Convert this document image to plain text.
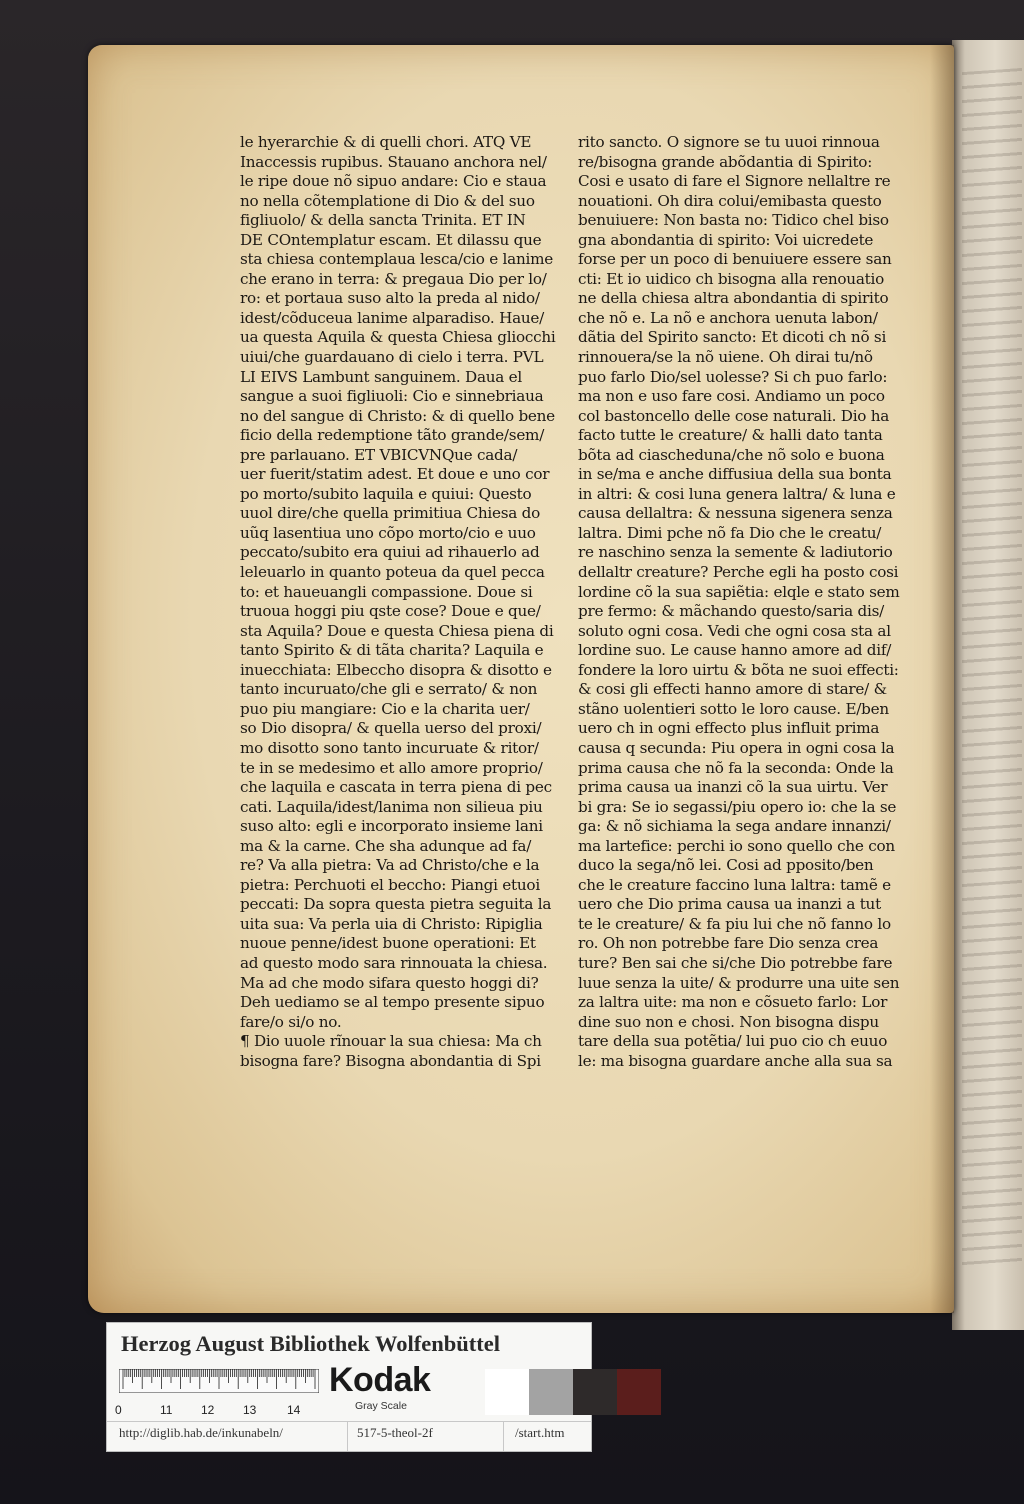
le hyerarchie & di quelli chori. ATQ VE
Inaccessis rupibus. Stauano anchora nel/
le ripe doue nõ sipuo andare: Cio e staua
no nella cõtemplatione di Dio & del suo
figliuolo/ & della sancta Trinita. ET IN
DE COntemplatur escam. Et dilassu que
sta chiesa contemplaua lesca/cio e lanime
che erano in terra: & pregaua Dio per lo/
ro: et portaua suso alto la preda al nido/
idest/cõduceua lanime alparadiso. Haue/
ua questa Aquila & questa Chiesa gliocchi
uiui/che guardauano di cielo i terra. PVL
LI EIVS Lambunt sanguinem. Daua el
sangue a suoi figliuoli: Cio e sinnebriaua
no del sangue di Christo: & di quello bene
ficio della redemptione tãto grande/sem/
pre parlauano. ET VBICVNQue cada/
uer fuerit/statim adest. Et doue e uno cor
po morto/subito laquila e quiui: Questo
uuol dire/che quella primitiua Chiesa do
uũq lasentiua uno cõpo morto/cio e uuo
peccato/subito era quiui ad rihauerlo ad
leleuarlo in quanto poteua da quel pecca
to: et haueuangli compassione. Doue si
truoua hoggi piu qste cose? Doue e que/
sta Aquila? Doue e questa Chiesa piena di
tanto Spirito & di tãta charita? Laquila e
inuecchiata: Elbeccho disopra & disotto e
tanto incuruato/che gli e serrato/ & non
puo piu mangiare: Cio e la charita uer/
so Dio disopra/ & quella uerso del proxi/
mo disotto sono tanto incuruate & ritor/
te in se medesimo et allo amore proprio/
che laquila e cascata in terra piena di pec
cati. Laquila/idest/lanima non silieua piu
suso alto: egli e incorporato insieme lani
ma & la carne. Che sha adunque ad fa/
re? Va alla pietra: Va ad Christo/che e la
pietra: Perchuoti el beccho: Piangi etuoi
peccati: Da sopra questa pietra seguita la
uita sua: Va perla uia di Christo: Ripiglia
nuoue penne/idest buone operationi: Et
ad questo modo sara rinnouata la chiesa.
Ma ad che modo sifara questo hoggi di?
Deh uediamo se al tempo presente sipuo
fare/o si/o no.
¶ Dio uuole rĩnouar la sua chiesa: Ma ch
bisogna fare? Bisogna abondantia di Spi
rito sancto. O signore se tu uuoi rinnoua
re/bisogna grande abõdantia di Spirito:
Cosi e usato di fare el Signore nellaltre re
nouationi. Oh dira colui/emibasta questo
benuiuere: Non basta no: Tidico chel biso
gna abondantia di spirito: Voi uicredete
forse per un poco di benuiuere essere san
cti: Et io uidico ch bisogna alla renouatio
ne della chiesa altra abondantia di spirito
che nõ e. La nõ e anchora uenuta labon/
dãtia del Spirito sancto: Et dicoti ch nõ si
rinnouera/se la nõ uiene. Oh dirai tu/nõ
puo farlo Dio/sel uolesse? Si ch puo farlo:
ma non e uso fare cosi. Andiamo un poco
col bastoncello delle cose naturali. Dio ha
facto tutte le creature/ & halli dato tanta
bõta ad ciascheduna/che nõ solo e buona
in se/ma e anche diffusiua della sua bonta
in altri: & cosi luna genera laltra/ & luna e
causa dellaltra: & nessuna sigenera senza
laltra. Dimi pche nõ fa Dio che le creatu/
re naschino senza la semente & ladiutorio
dellaltr creature? Perche egli ha posto cosi
lordine cõ la sua sapiẽtia: elqle e stato sem
pre fermo: & mãchando questo/saria dis/
soluto ogni cosa. Vedi che ogni cosa sta al
lordine suo. Le cause hanno amore ad dif/
fondere la loro uirtu & bõta ne suoi effecti:
& cosi gli effecti hanno amore di stare/ &
stãno uolentieri sotto le loro cause. E/ben
uero ch in ogni effecto plus influit prima
causa q secunda: Piu opera in ogni cosa la
prima causa che nõ fa la seconda: Onde la
prima causa ua inanzi cõ la sua uirtu. Ver
bi gra: Se io segassi/piu opero io: che la se
ga: & nõ sichiama la sega andare innanzi/
ma lartefice: perchi io sono quello che con
duco la sega/nõ lei. Cosi ad pposito/ben
che le creature faccino luna laltra: tamẽ e
uero che Dio prima causa ua inanzi a tut
te le creature/ & fa piu lui che nõ fanno lo
ro. Oh non potrebbe fare Dio senza crea
ture? Ben sai che si/che Dio potrebbe fare
luue senza la uite/ & produrre una uite sen
za laltra uite: ma non e cõsueto farlo: Lor
dine suo non e chosi. Non bisogna dispu
tare della sua potẽtia/ lui puo cio ch euuo
le: ma bisogna guardare anche alla sua sa
Herzog August Bibliothek Wolfenbüttel
0	11 12 13	14
Kodak
Gray Scale
http://diglib.hab.de/inkunabeln/	517-5-theol-2f	/start.htm
